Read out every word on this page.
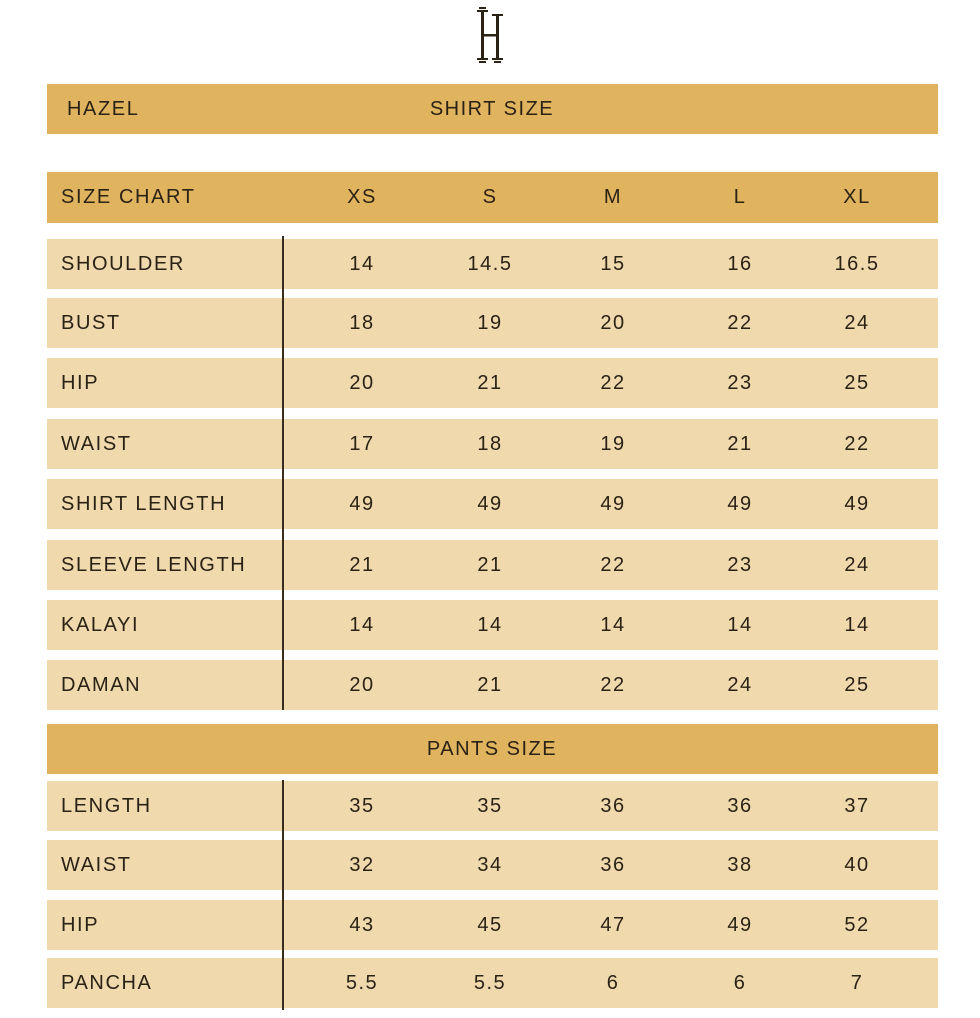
HAZEL	SHIRT SIZE
SIZE CHART	XS	S	M	L	XL
SHOULDER	14	14.5	15	16	16.5
BUST	18	19	20	22	24
HIP	20	21	22	23	25
WAIST	17	18	19	21	22
SHIRT LENGTH	49	49	49	49	49
SLEEVE LENGTH	21	21	22	23	24
KALAYI	14	14	14	14	14
DAMAN	20	21	22	24	25
PANTS SIZE
LENGTH	35	35	36	36	37
WAIST	32	34	36	38	40
HIP	43	45	47	49	52
PANCHA	5.5	5.5	6	6	7
